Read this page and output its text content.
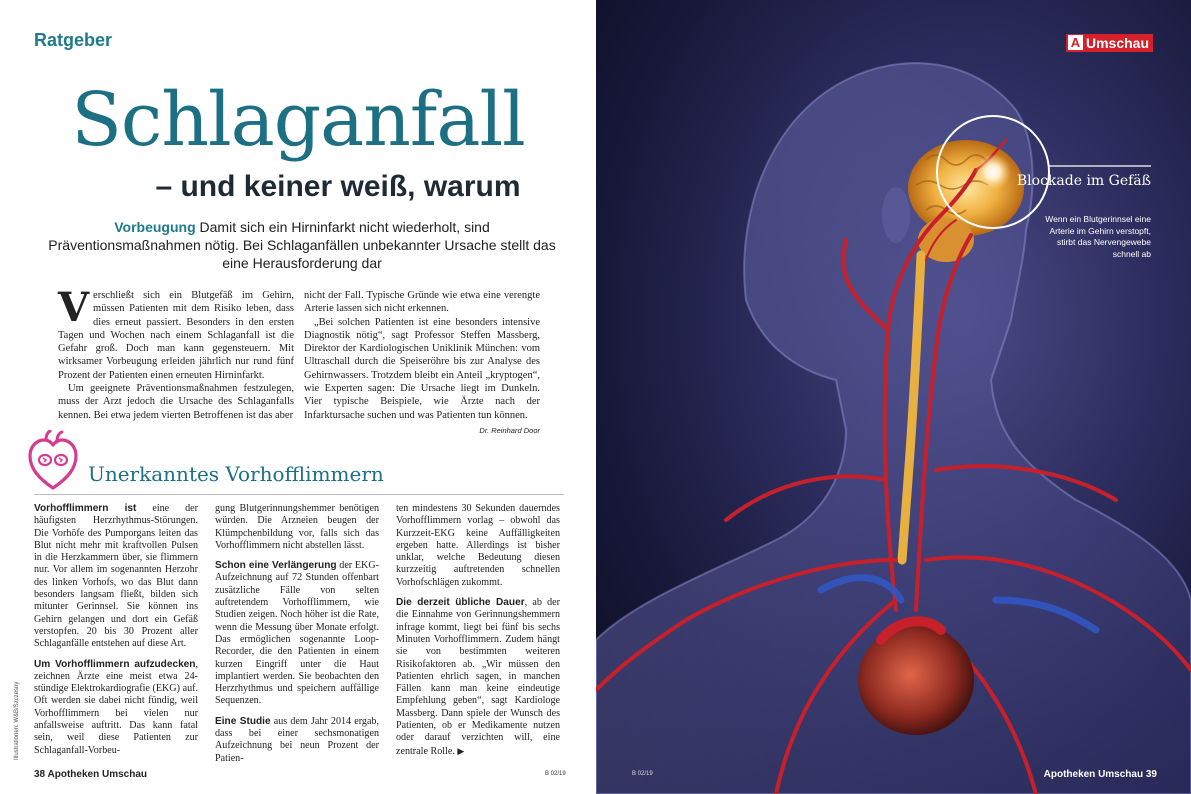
Ratgeber
Schlaganfall
– und keiner weiß, warum
Vorbeugung Damit sich ein Hirninfarkt nicht wiederholt, sind Präventionsmaßnahmen nötig. Bei Schlaganfällen unbekannter Ursache stellt das eine Herausforderung dar

Verschließt sich ein Blutgefäß im Gehirn, müssen Patienten mit dem Risiko leben, dass dies erneut passiert. Besonders in den ersten Tagen und Wochen nach einem Schlaganfall ist die Gefahr groß. Doch man kann gegensteuern. Mit wirksamer Vorbeugung erleiden jährlich nur rund fünf Prozent der Patienten einen erneuten Hirninfarkt.

Um geeignete Präventionsmaßnahmen festzulegen, muss der Arzt jedoch die Ursache des Schlaganfalls kennen. Bei etwa jedem vierten Betroffenen ist das aber

nicht der Fall. Typische Gründe wie etwa eine verengte Arterie lassen sich nicht erkennen.

„Bei solchen Patienten ist eine besonders intensive Diagnostik nötig“, sagt Professor Steffen Massberg, Direktor der Kardiologischen Uniklinik München: vom Ultraschall durch die Speiseröhre bis zur Analyse des Gehirnwassers. Trotzdem bleibt ein Anteil „kryptogen“, wie Experten sagen: Die Ursache liegt im Dunkeln. Vier typische Beispiele, wie Ärzte nach der Infarktursache suchen und was Patienten tun können.
Dr. Reinhard Door

Unerkanntes Vorhofflimmern

Vorhofflimmern ist eine der häufigsten Herzrhythmus-Störungen. Die Vorhöfe des Pumporgans leiten das Blut nicht mehr mit kraftvollen Pulsen in die Herzkammern über, sie flimmern nur. Vor allem im sogenannten Herzohr des linken Vorhofs, wo das Blut dann besonders langsam fließt, bilden sich mitunter Gerinnsel. Sie können ins Gehirn gelangen und dort ein Gefäß verstopfen. 20 bis 30 Prozent aller Schlaganfälle entstehen auf diese Art.

Um Vorhofflimmern aufzudecken, zeichnen Ärzte eine meist etwa 24-stündige Elektrokardiografie (EKG) auf. Oft werden sie dabei nicht fündig, weil Vorhofflimmern bei vielen nur anfallsweise auftritt. Das kann fatal sein, weil diese Patienten zur Schlaganfall-Vorbeu-

gung Blutgerinnungshemmer benötigen würden. Die Arzneien beugen der Klümpchenbildung vor, falls sich das Vorhofflimmern nicht abstellen lässt.

Schon eine Verlängerung der EKG-Aufzeichnung auf 72 Stunden offenbart zusätzliche Fälle von selten auftretendem Vorhofflimmern, wie Studien zeigen. Noch höher ist die Rate, wenn die Messung über Monate erfolgt. Das ermöglichen sogenannte Loop-Recorder, die den Patienten in einem kurzen Eingriff unter die Haut implantiert werden. Sie beobachten den Herzrhythmus und speichern auffällige Sequenzen.

Eine Studie aus dem Jahr 2014 ergab, dass bei einer sechsmonatigen Aufzeichnung bei neun Prozent der Patien-

ten mindestens 30 Sekunden dauerndes Vorhofflimmern vorlag – obwohl das Kurzzeit-EKG keine Auffälligkeiten ergeben hatte. Allerdings ist bisher unklar, welche Bedeutung diesen kurzzeitig auftretenden schnellen Vorhofschlägen zukommt.

Die derzeit übliche Dauer, ab der die Einnahme von Gerinnungshemmern infrage kommt, liegt bei fünf bis sechs Minuten Vorhofflimmern. Zudem hängt sie von bestimmten weiteren Risikofaktoren ab. „Wir müssen den Patienten ehrlich sagen, in manchen Fällen kann man keine eindeutige Empfehlung geben“, sagt Kardiologe Massberg. Dann spiele der Wunsch des Patienten, ob er Medikamente nutzen oder darauf verzichten will, eine zentrale Rolle. ▶

Illustrationen: W&B/Szczesny
38 Apotheken Umschau	B 02/19
A Umschau
Blockade im Gefäß
Wenn ein Blutgerinnsel eine Arterie im Gehirn verstopft, stirbt das Nervengewebe schnell ab
B 02/19	Apotheken Umschau 39
